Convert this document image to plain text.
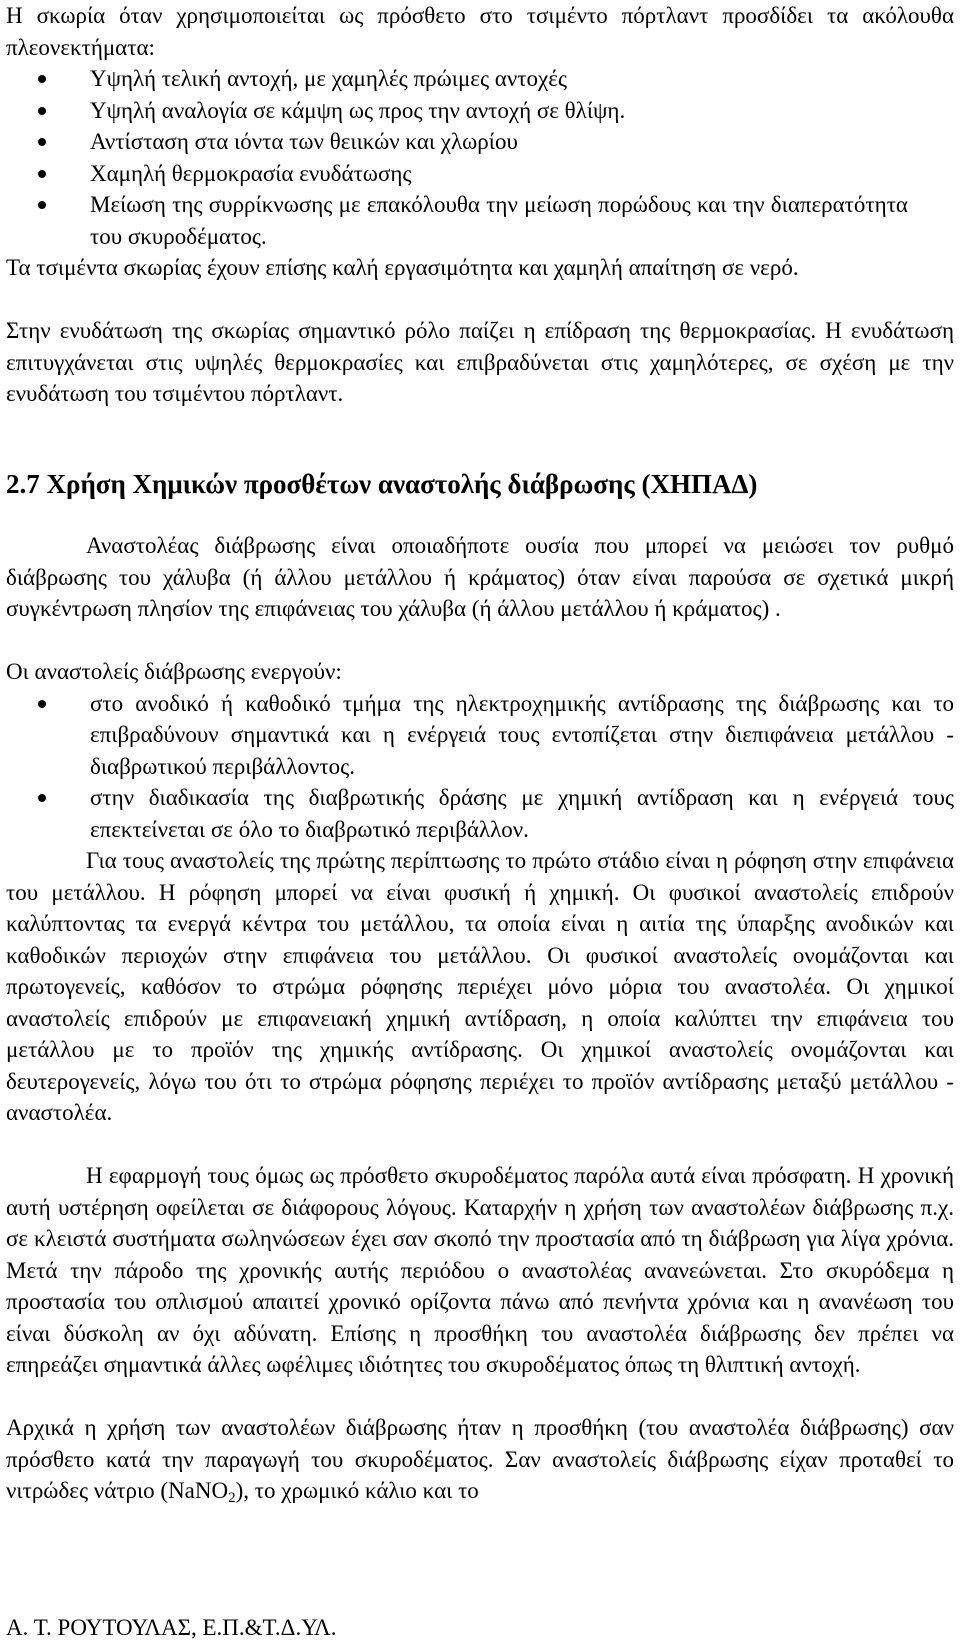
Η σκωρία όταν χρησιμοποιείται ως πρόσθετο στο τσιμέντο πόρτλαντ προσδίδει τα ακόλουθα πλεονεκτήματα:

Υψηλή τελική αντοχή, με χαμηλές πρώιμες αντοχές

Υψηλή αναλογία σε κάμψη ως προς την αντοχή σε θλίψη.

Αντίσταση στα ιόντα των θειικών και χλωρίου

Χαμηλή θερμοκρασία ενυδάτωσης

Μείωση της συρρίκνωσης με επακόλουθα την μείωση πορώδους και την διαπερατότητα του σκυροδέματος.

Τα τσιμέντα σκωρίας έχουν επίσης καλή εργασιμότητα και χαμηλή απαίτηση σε νερό.

Στην ενυδάτωση της σκωρίας σημαντικό ρόλο παίζει η επίδραση της θερμοκρασίας. Η ενυδάτωση επιτυγχάνεται στις υψηλές θερμοκρασίες και επιβραδύνεται στις χαμηλότερες, σε σχέση με την ενυδάτωση του τσιμέντου πόρτλαντ.

2.7 Χρήση Χημικών προσθέτων αναστολής διάβρωσης (ΧΗΠΑΔ)

Αναστολέας διάβρωσης είναι οποιαδήποτε ουσία που μπορεί να μειώσει τον ρυθμό διάβρωσης του χάλυβα (ή άλλου μετάλλου ή κράματος) όταν είναι παρούσα σε σχετικά μικρή συγκέντρωση πλησίον της επιφάνειας του χάλυβα (ή άλλου μετάλλου ή κράματος) .

Οι αναστολείς διάβρωσης ενεργούν:

στο ανοδικό ή καθοδικό τμήμα της ηλεκτροχημικής αντίδρασης της διάβρωσης και το επιβραδύνουν σημαντικά και η ενέργειά τους εντοπίζεται στην διεπιφάνεια μετάλλου - διαβρωτικού περιβάλλοντος.

στην διαδικασία της διαβρωτικής δράσης με χημική αντίδραση και η ενέργειά τους επεκτείνεται σε όλο το διαβρωτικό περιβάλλον.

Για τους αναστολείς της πρώτης περίπτωσης το πρώτο στάδιο είναι η ρόφηση στην επιφάνεια του μετάλλου. Η ρόφηση μπορεί να είναι φυσική ή χημική. Οι φυσικοί αναστολείς επιδρούν καλύπτοντας τα ενεργά κέντρα του μετάλλου, τα οποία είναι η αιτία της ύπαρξης ανοδικών και καθοδικών περιοχών στην επιφάνεια του μετάλλου. Οι φυσικοί αναστολείς ονομάζονται και πρωτογενείς, καθόσον το στρώμα ρόφησης περιέχει μόνο μόρια του αναστολέα. Οι χημικοί αναστολείς επιδρούν με επιφανειακή χημική αντίδραση, η οποία καλύπτει την επιφάνεια του μετάλλου με το προϊόν της χημικής αντίδρασης. Οι χημικοί αναστολείς ονομάζονται και δευτερογενείς, λόγω του ότι το στρώμα ρόφησης περιέχει το προϊόν αντίδρασης μεταξύ μετάλλου - αναστολέα.

Η εφαρμογή τους όμως ως πρόσθετο σκυροδέματος παρόλα αυτά είναι πρόσφατη. Η χρονική αυτή υστέρηση οφείλεται σε διάφορους λόγους. Καταρχήν η χρήση των αναστολέων διάβρωσης π.χ. σε κλειστά συστήματα σωληνώσεων έχει σαν σκοπό την προστασία από τη διάβρωση για λίγα χρόνια. Μετά την πάροδο της χρονικής αυτής περιόδου ο αναστολέας ανανεώνεται. Στο σκυρόδεμα η προστασία του οπλισμού απαιτεί χρονικό ορίζοντα πάνω από πενήντα χρόνια και η ανανέωση του είναι δύσκολη αν όχι αδύνατη. Επίσης η προσθήκη του αναστολέα διάβρωσης δεν πρέπει να επηρεάζει σημαντικά άλλες ωφέλιμες ιδιότητες του σκυροδέματος όπως τη θλιπτική αντοχή.

Αρχικά η χρήση των αναστολέων διάβρωσης ήταν η προσθήκη (του αναστολέα διάβρωσης) σαν πρόσθετο κατά την παραγωγή του σκυροδέματος. Σαν αναστολείς διάβρωσης είχαν προταθεί το νιτρώδες νάτριο (NaNO$_2$), το χρωμικό κάλιο και το

Α. Τ. ΡΟΥΤΟΥΛΑΣ, Ε.Π.&Τ.Δ.ΥΛ.
